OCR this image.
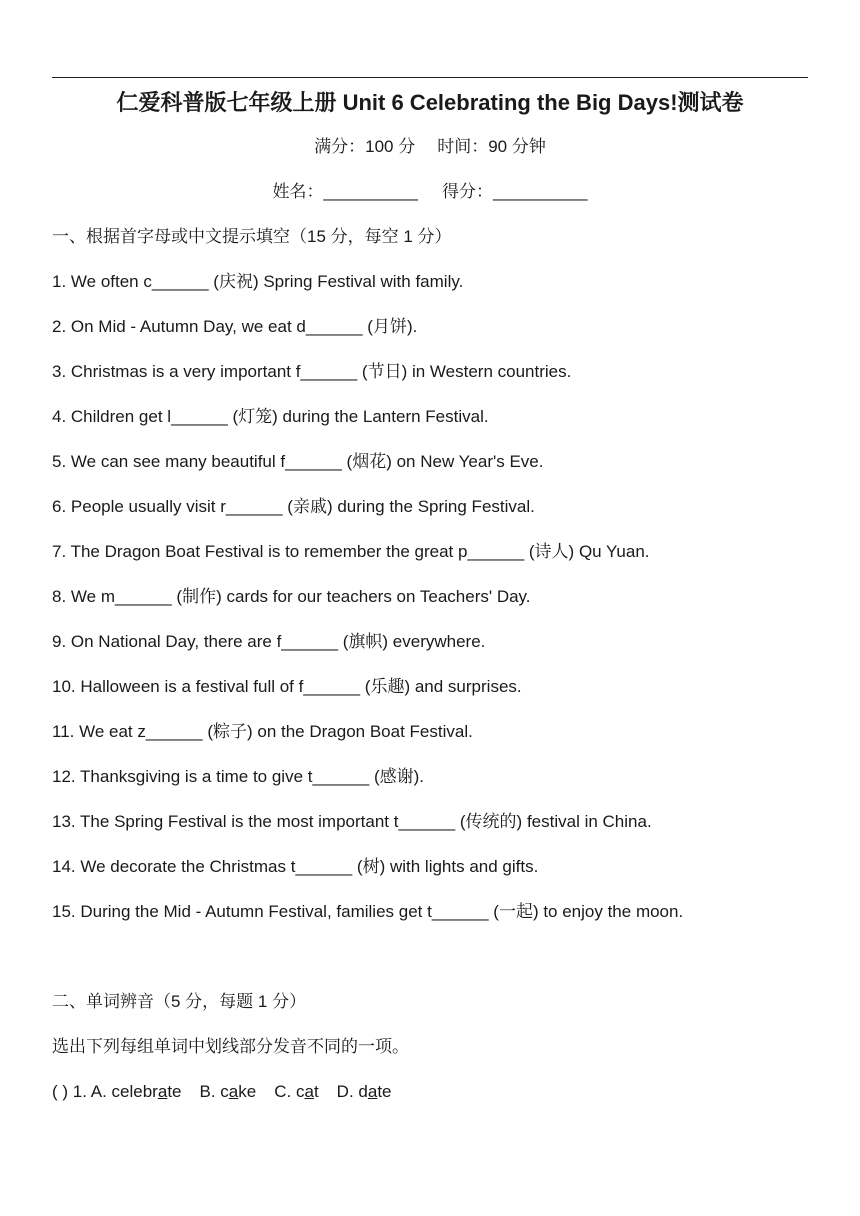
仁爱科普版七年级上册 Unit 6 Celebrating the Big Days!测试卷
满分：100 分 时间：90 分钟
姓名：__________ 得分：__________
一、根据首字母或中文提示填空（15 分，每空 1 分）
1. We often c______ (庆祝) Spring Festival with family.
2. On Mid - Autumn Day, we eat d______ (月饼).
3. Christmas is a very important f______ (节日) in Western countries.
4. Children get l______ (灯笼) during the Lantern Festival.
5. We can see many beautiful f______ (烟花) on New Year's Eve.
6. People usually visit r______ (亲戚) during the Spring Festival.
7. The Dragon Boat Festival is to remember the great p______ (诗人) Qu Yuan.
8. We m______ (制作) cards for our teachers on Teachers' Day.
9. On National Day, there are f______ (旗帜) everywhere.
10. Halloween is a festival full of f______ (乐趣) and surprises.
11. We eat z______ (粽子) on the Dragon Boat Festival.
12. Thanksgiving is a time to give t______ (感谢).
13. The Spring Festival is the most important t______ (传统的) festival in China.
14. We decorate the Christmas t______ (树) with lights and gifts.
15. During the Mid - Autumn Festival, families get t______ (一起) to enjoy the moon.
二、单词辨音（5 分，每题 1 分）
选出下列每组单词中划线部分发音不同的一项。
( ) 1. A. celebrate B. cake C. cat D. date
